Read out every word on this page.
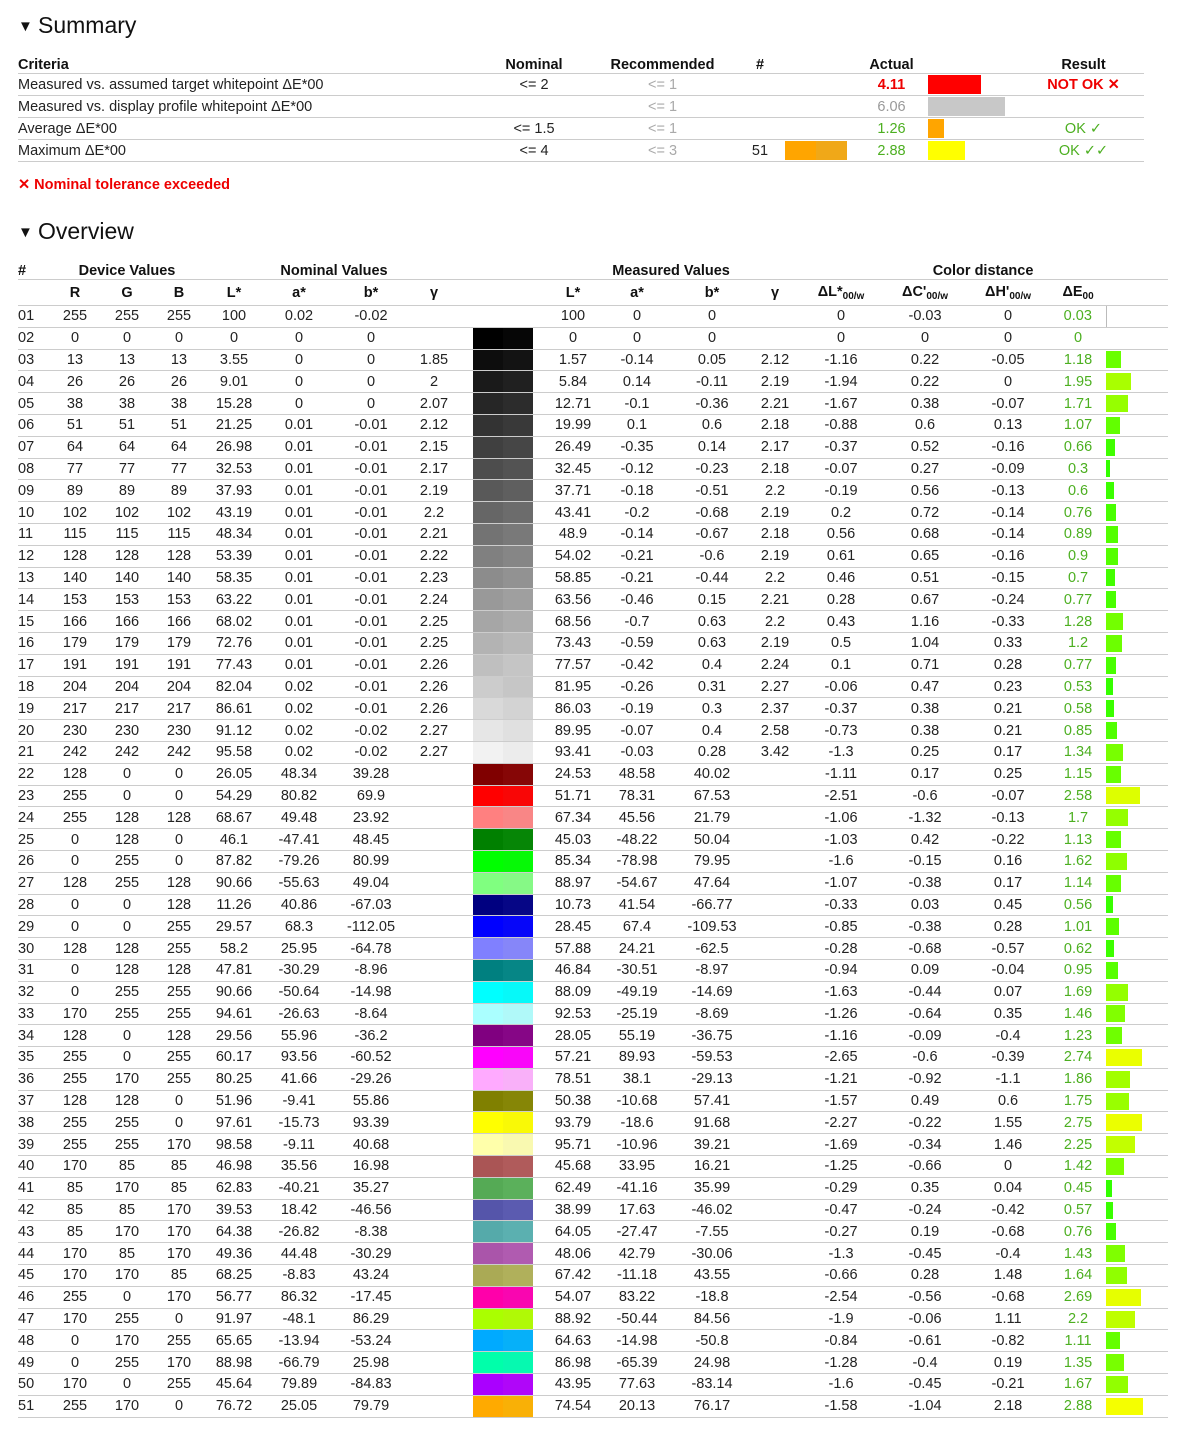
▼ Summary
Criteria	Nominal	Recommended	#		Actual		Result
Measured vs. assumed target whitepoint ΔE*00	<= 2	<= 1			4.11		NOT OK ✕
Measured vs. display profile whitepoint ΔE*00		<= 1			6.06		
Average ΔE*00	<= 1.5	<= 1			1.26		OK ✓
Maximum ΔE*00	<= 4	<= 3	51		2.88		OK ✓✓
✕ Nominal tolerance exceeded
▼ Overview
#	Device Values			Nominal Values					Measured Values				Color distance				
	R	G	B	L*	a*	b*	γ		L*	a*	b*	γ	$\Delta L*_{00/w}$	$\Delta C'_{00/w}$	$\Delta H'_{00/w}$	$\Delta E_{00}$	
01	255	255	255	100	0.02	-0.02			100	0	0		0	-0.03	0	0.03	
02	0	0	0	0	0	0			0	0	0		0	0	0	0	
03	13	13	13	3.55	0	0	1.85		1.57	-0.14	0.05	2.12	-1.16	0.22	-0.05	1.18	

04	26	26	26	9.01	0	0	2		5.84	0.14	-0.11	2.19	-1.94	0.22	0	1.95	

05	38	38	38	15.28	0	0	2.07		12.71	-0.1	-0.36	2.21	-1.67	0.38	-0.07	1.71	

06	51	51	51	21.25	0.01	-0.01	2.12		19.99	0.1	0.6	2.18	-0.88	0.6	0.13	1.07	

07	64	64	64	26.98	0.01	-0.01	2.15		26.49	-0.35	0.14	2.17	-0.37	0.52	-0.16	0.66	

08	77	77	77	32.53	0.01	-0.01	2.17		32.45	-0.12	-0.23	2.18	-0.07	0.27	-0.09	0.3	

09	89	89	89	37.93	0.01	-0.01	2.19		37.71	-0.18	-0.51	2.2	-0.19	0.56	-0.13	0.6	

10	102	102	102	43.19	0.01	-0.01	2.2		43.41	-0.2	-0.68	2.19	0.2	0.72	-0.14	0.76	

11	115	115	115	48.34	0.01	-0.01	2.21		48.9	-0.14	-0.67	2.18	0.56	0.68	-0.14	0.89	

12	128	128	128	53.39	0.01	-0.01	2.22		54.02	-0.21	-0.6	2.19	0.61	0.65	-0.16	0.9	

13	140	140	140	58.35	0.01	-0.01	2.23		58.85	-0.21	-0.44	2.2	0.46	0.51	-0.15	0.7	

14	153	153	153	63.22	0.01	-0.01	2.24		63.56	-0.46	0.15	2.21	0.28	0.67	-0.24	0.77	

15	166	166	166	68.02	0.01	-0.01	2.25		68.56	-0.7	0.63	2.2	0.43	1.16	-0.33	1.28	

16	179	179	179	72.76	0.01	-0.01	2.25		73.43	-0.59	0.63	2.19	0.5	1.04	0.33	1.2	

17	191	191	191	77.43	0.01	-0.01	2.26		77.57	-0.42	0.4	2.24	0.1	0.71	0.28	0.77	

18	204	204	204	82.04	0.02	-0.01	2.26		81.95	-0.26	0.31	2.27	-0.06	0.47	0.23	0.53	

19	217	217	217	86.61	0.02	-0.01	2.26		86.03	-0.19	0.3	2.37	-0.37	0.38	0.21	0.58	

20	230	230	230	91.12	0.02	-0.02	2.27		89.95	-0.07	0.4	2.58	-0.73	0.38	0.21	0.85	

21	242	242	242	95.58	0.02	-0.02	2.27		93.41	-0.03	0.28	3.42	-1.3	0.25	0.17	1.34	

22	128	0	0	26.05	48.34	39.28			24.53	48.58	40.02		-1.11	0.17	0.25	1.15	

23	255	0	0	54.29	80.82	69.9			51.71	78.31	67.53		-2.51	-0.6	-0.07	2.58	

24	255	128	128	68.67	49.48	23.92			67.34	45.56	21.79		-1.06	-1.32	-0.13	1.7	

25	0	128	0	46.1	-47.41	48.45			45.03	-48.22	50.04		-1.03	0.42	-0.22	1.13	

26	0	255	0	87.82	-79.26	80.99			85.34	-78.98	79.95		-1.6	-0.15	0.16	1.62	

27	128	255	128	90.66	-55.63	49.04			88.97	-54.67	47.64		-1.07	-0.38	0.17	1.14	

28	0	0	128	11.26	40.86	-67.03			10.73	41.54	-66.77		-0.33	0.03	0.45	0.56	

29	0	0	255	29.57	68.3	-112.05			28.45	67.4	-109.53		-0.85	-0.38	0.28	1.01	

30	128	128	255	58.2	25.95	-64.78			57.88	24.21	-62.5		-0.28	-0.68	-0.57	0.62	

31	0	128	128	47.81	-30.29	-8.96			46.84	-30.51	-8.97		-0.94	0.09	-0.04	0.95	

32	0	255	255	90.66	-50.64	-14.98			88.09	-49.19	-14.69		-1.63	-0.44	0.07	1.69	

33	170	255	255	94.61	-26.63	-8.64			92.53	-25.19	-8.69		-1.26	-0.64	0.35	1.46	

34	128	0	128	29.56	55.96	-36.2			28.05	55.19	-36.75		-1.16	-0.09	-0.4	1.23	

35	255	0	255	60.17	93.56	-60.52			57.21	89.93	-59.53		-2.65	-0.6	-0.39	2.74	

36	255	170	255	80.25	41.66	-29.26			78.51	38.1	-29.13		-1.21	-0.92	-1.1	1.86	

37	128	128	0	51.96	-9.41	55.86			50.38	-10.68	57.41		-1.57	0.49	0.6	1.75	

38	255	255	0	97.61	-15.73	93.39			93.79	-18.6	91.68		-2.27	-0.22	1.55	2.75	

39	255	255	170	98.58	-9.11	40.68			95.71	-10.96	39.21		-1.69	-0.34	1.46	2.25	

40	170	85	85	46.98	35.56	16.98			45.68	33.95	16.21		-1.25	-0.66	0	1.42	

41	85	170	85	62.83	-40.21	35.27			62.49	-41.16	35.99		-0.29	0.35	0.04	0.45	

42	85	85	170	39.53	18.42	-46.56			38.99	17.63	-46.02		-0.47	-0.24	-0.42	0.57	

43	85	170	170	64.38	-26.82	-8.38			64.05	-27.47	-7.55		-0.27	0.19	-0.68	0.76	

44	170	85	170	49.36	44.48	-30.29			48.06	42.79	-30.06		-1.3	-0.45	-0.4	1.43	

45	170	170	85	68.25	-8.83	43.24			67.42	-11.18	43.55		-0.66	0.28	1.48	1.64	

46	255	0	170	56.77	86.32	-17.45			54.07	83.22	-18.8		-2.54	-0.56	-0.68	2.69	

47	170	255	0	91.97	-48.1	86.29			88.92	-50.44	84.56		-1.9	-0.06	1.11	2.2	

48	0	170	255	65.65	-13.94	-53.24			64.63	-14.98	-50.8		-0.84	-0.61	-0.82	1.11	

49	0	255	170	88.98	-66.79	25.98			86.98	-65.39	24.98		-1.28	-0.4	0.19	1.35	

50	170	0	255	45.64	79.89	-84.83			43.95	77.63	-83.14		-1.6	-0.45	-0.21	1.67	

51	255	170	0	76.72	25.05	79.79			74.54	20.13	76.17		-1.58	-1.04	2.18	2.88	
